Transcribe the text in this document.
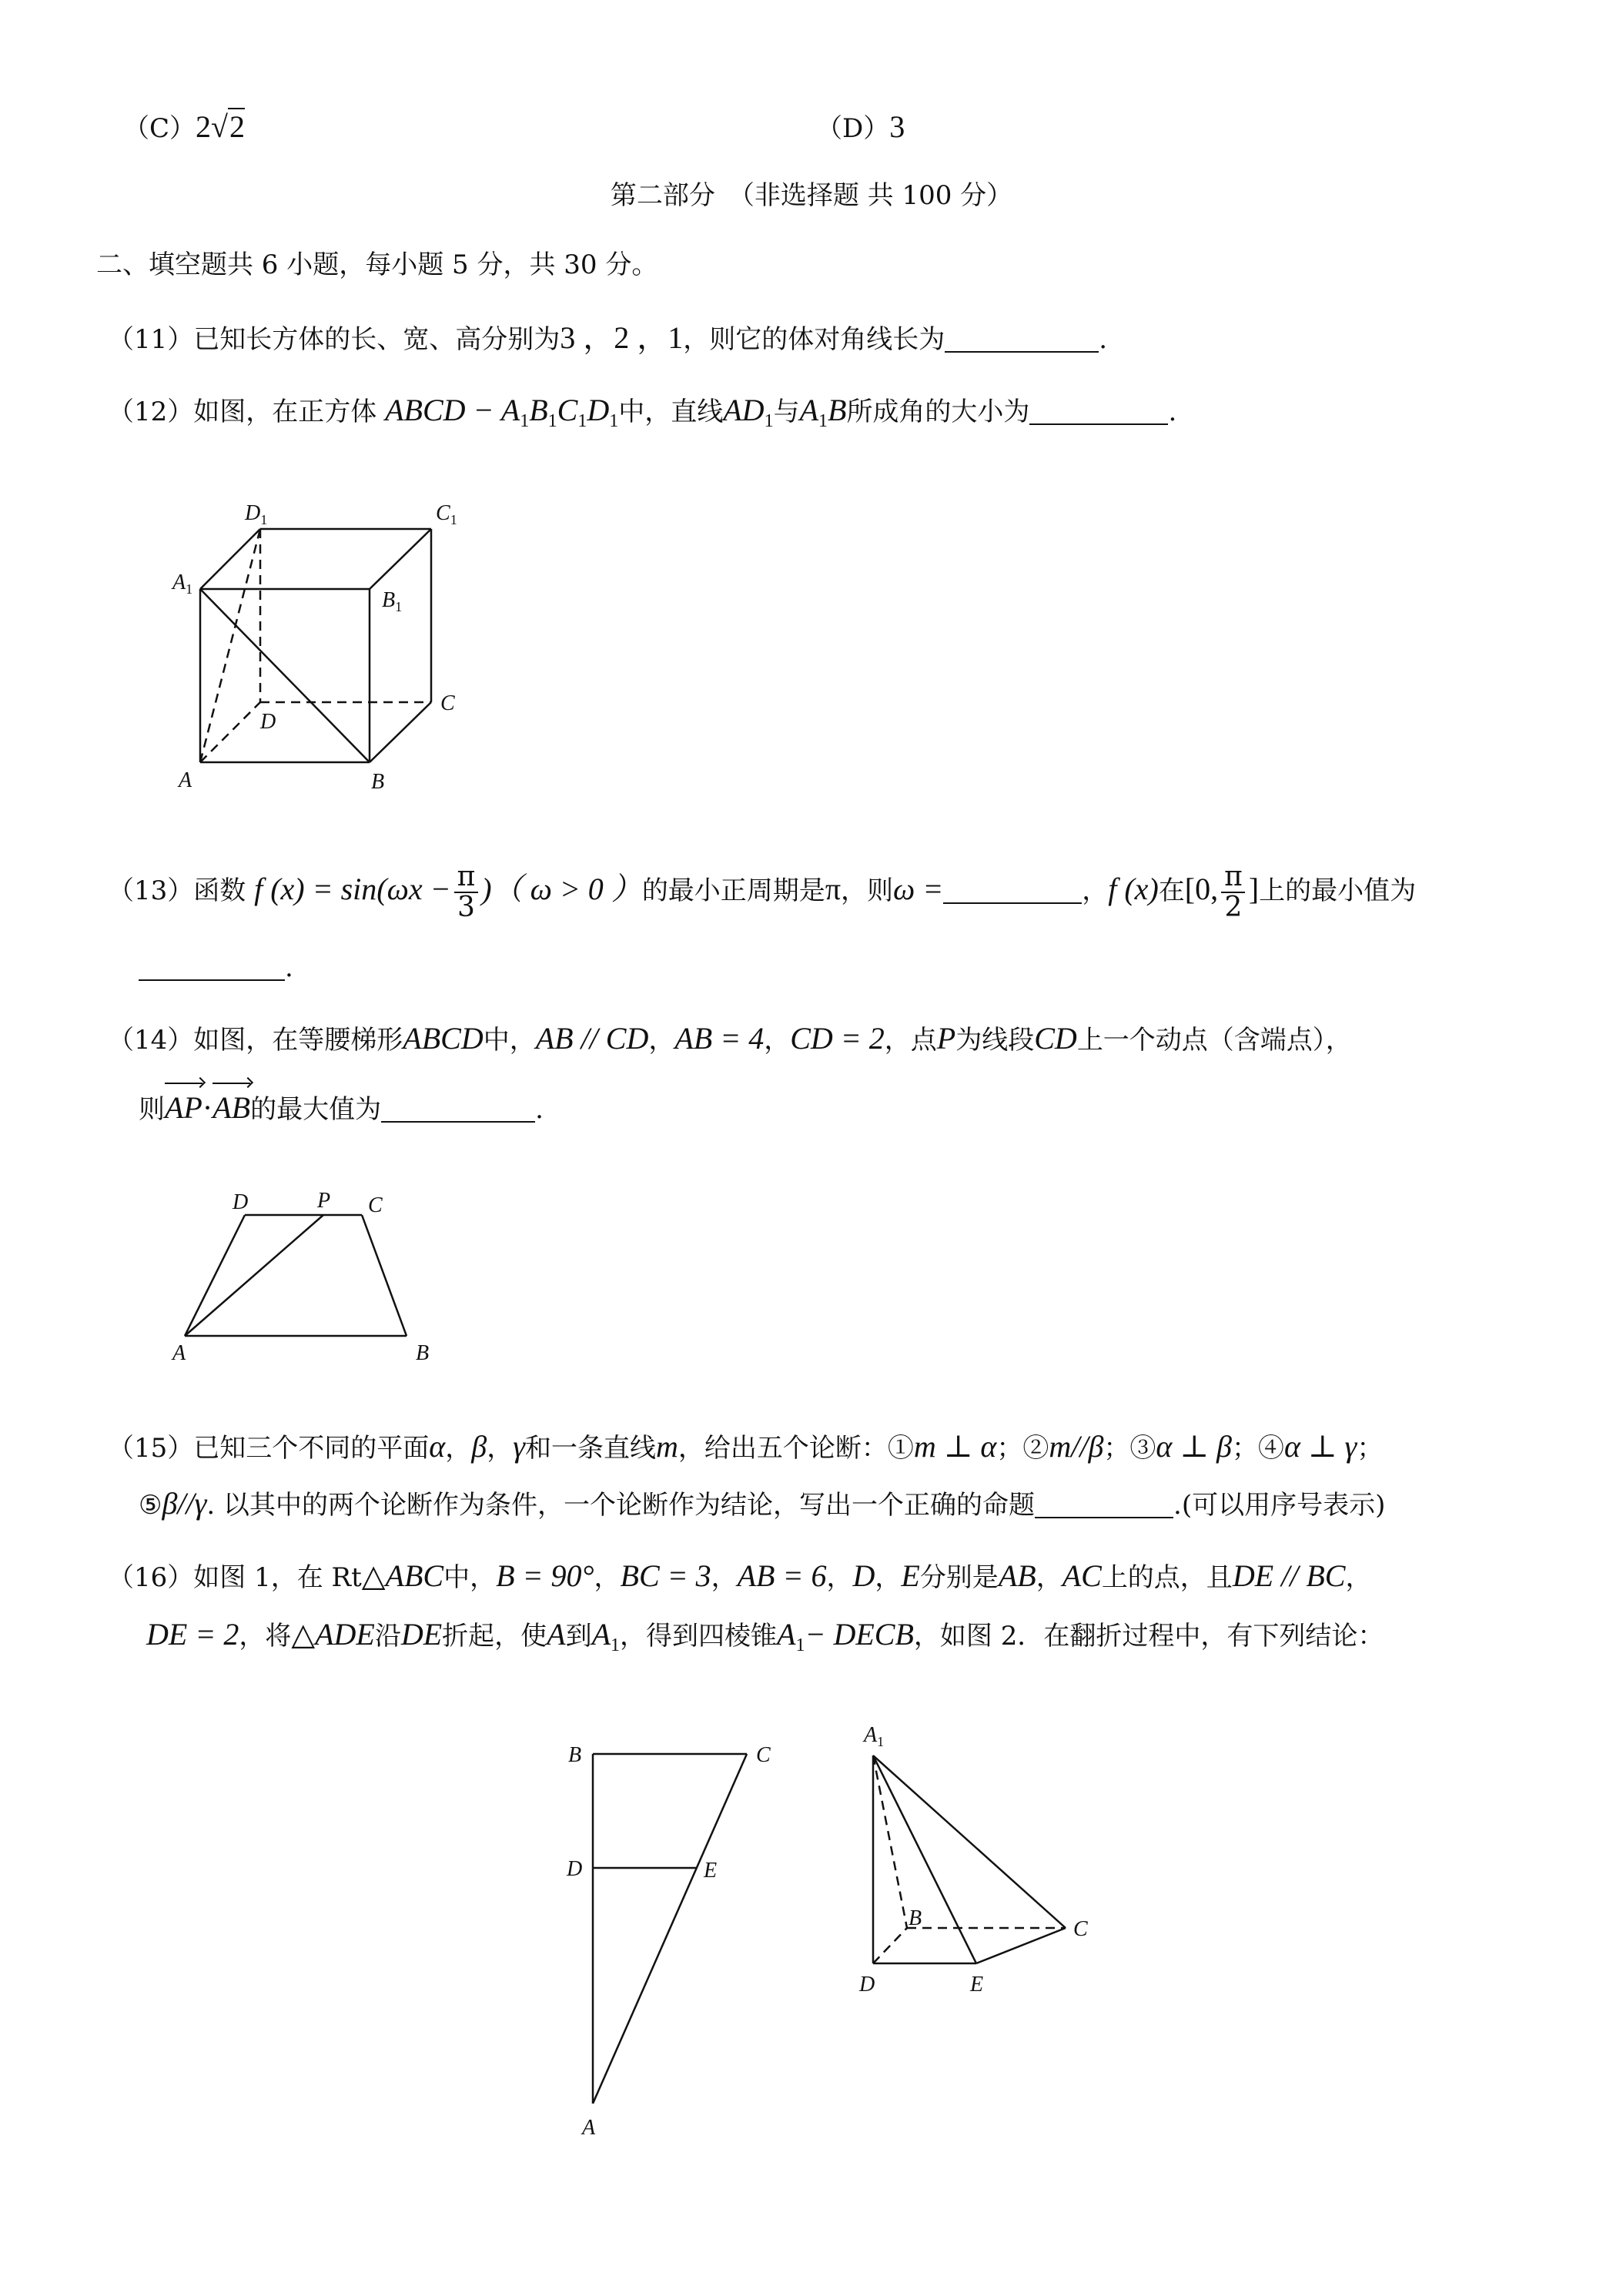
（C）2√2	（D）3
第二部分　（非选择题 共 100 分）
二、填空题共 6 小题，每小题 5 分，共 30 分。
（11）已知长方体的长、宽、高分别为3 ，2 ，1，则它的体对角线长为	.
（12）如图，在正方体 ABCD − $A_1B_1C_1D_1$中，直线$AD_1$与$A_1B$所成角的大小为	.
$D_1$	$C_1$
$A_1$	$B_1$
D
C
A	B
（13）函数 f $(x) = \sin(\omega x - \frac{\pi}{3}$ )（ ω > 0 ）的最小正周期是π，则ω =	，f (x)在[0, $\frac{\pi}{2}$ ]上的最小值为
.
（14）如图，在等腰梯形ABCD中，AB // CD，AB = 4，CD = 2，点P为线段CD上一个动点（含端点），
则AP·AB的最大值为	.
D	P C
A	B
（15）已知三个不同的平面α，β，γ和一条直线m，给出五个论断：①m ⊥ α；②m//β；③α ⊥ β；④α ⊥ γ；
⑤β//γ. 以其中的两个论断作为条件，一个论断作为结论，写出一个正确的命题	.(可以用序号表示)
（16）如图 1，在 Rt△ABC中，B = 90°，BC = 3，AB = 6，D，E分别是AB，AC上的点，且DE // BC，
DE = 2，将△ADE沿DE折起，使A到$A_1$，得到四棱锥$A_1-$ DECB，如图 2．在翻折过程中，有下列结论：
B	C
D	E
A
$A_1$
B	C
D	E
